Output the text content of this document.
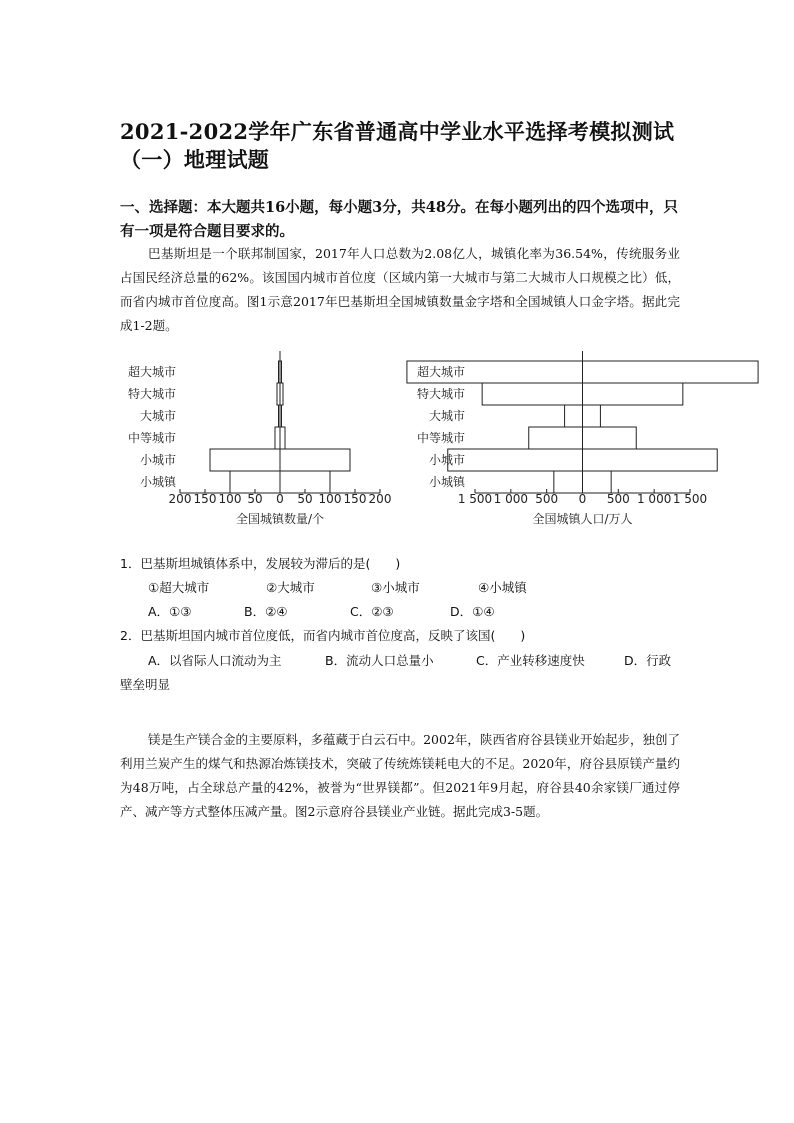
2021-2022学年广东省普通高中学业水平选择考模拟测试（一）地理试题

一、选择题：本大题共16小题，每小题3分，共48分。在每小题列出的四个选项中，只有一项是符合题目要求的。

巴基斯坦是一个联邦制国家，2017年人口总数为2.08亿人，城镇化率为36.54%，传统服务业占国民经济总量的62%。该国国内城市首位度（区域内第一大城市与第二大城市人口规模之比）低，而省内城市首位度高。图1示意2017年巴基斯坦全国城镇数量金字塔和全国城镇人口金字塔。据此完成1-2题。

超大城市
特大城市
大城市
中等城市
小城市
小城镇
200 150 100 50 0 50 100 150 200
全国城镇数量/个
超大城市
特大城市
大城市
中等城市
小城市
小城镇
1 500 1 000 500 0 500 1 000 1 500
全国城镇人口/万人

1．巴基斯坦城镇体系中，发展较为滞后的是(　　)

①超大城市	②大城市	③小城市	④小城镇
A．①③	B．②④	C．②③	D．①④

2．巴基斯坦国内城市首位度低，而省内城市首位度高，反映了该国(　　)

A．以省际人口流动为主	B．流动人口总量小	C．产业转移速度快	D．行政
壁垒明显

镁是生产镁合金的主要原料，多蕴藏于白云石中。2002年，陕西省府谷县镁业开始起步，独创了利用兰炭产生的煤气和热源冶炼镁技术，突破了传统炼镁耗电大的不足。2020年，府谷县原镁产量约为48万吨，占全球总产量的42%，被誉为“世界镁都”。但2021年9月起，府谷县40余家镁厂通过停产、减产等方式整体压减产量。图2示意府谷县镁业产业链。据此完成3-5题。
